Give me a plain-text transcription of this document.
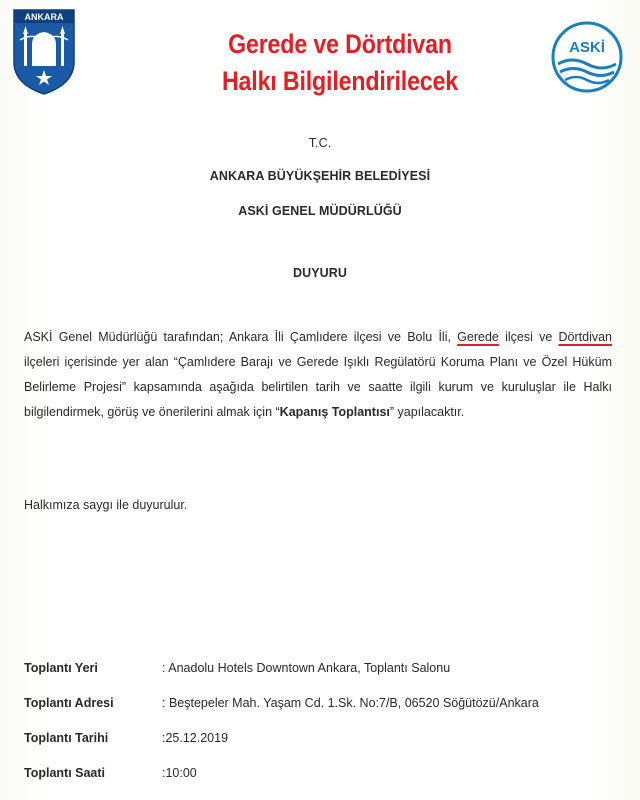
ANKARA
Gerede ve Dörtdivan
Halkı Bilgilendirilecek
ASKİ
T.C.
ANKARA BÜYÜKŞEHİR BELEDİYESİ
ASKİ GENEL MÜDÜRLÜĞÜ
DUYURU
ASKİ Genel Müdürlüğü tarafından; Ankara İli Çamlıdere ilçesi ve Bolu İli, Gerede ilçesi ve Dörtdivan ilçeleri içerisinde yer alan “Çamlıdere Barajı ve Gerede Işıklı Regülatörü Koruma Planı ve Özel Hüküm Belirleme Projesi” kapsamında aşağıda belirtilen tarih ve saatte ilgili kurum ve kuruluşlar ile Halkı bilgilendirmek, görüş ve önerilerini almak için “Kapanış Toplantısı” yapılacaktır.
Halkımıza saygı ile duyurulur.
Toplantı Yeri	: Anadolu Hotels Downtown Ankara, Toplantı Salonu
Toplantı Adresi	: Beştepeler Mah. Yaşam Cd. 1.Sk. No:7/B, 06520 Söğütözü/Ankara
Toplantı Tarihi	:25.12.2019
Toplantı Saati	:10:00
